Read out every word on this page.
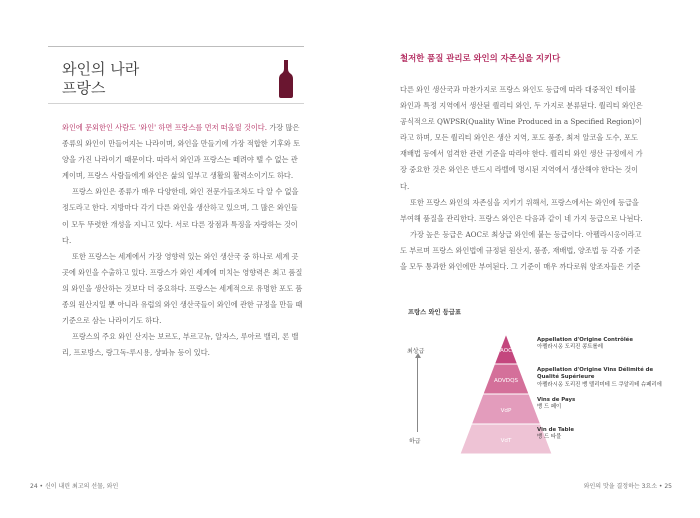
와인의 나라
프랑스

와인에 문외한인 사람도 '와인' 하면 프랑스를 먼저 떠올릴 것이다. 가장 많은 종류의 와인이 만들어지는 나라이며, 와인을 만들기에 가장 적합한 기후와 토양을 가진 나라이기 때문이다. 따라서 와인과 프랑스는 떼려야 뗄 수 없는 관계이며, 프랑스 사람들에게 와인은 삶의 일부고 생활의 활력소이기도 하다.

프랑스 와인은 종류가 매우 다양한데, 와인 전문가들조차도 다 알 수 없을 정도라고 한다. 지방마다 각기 다른 와인을 생산하고 있으며, 그 많은 와인들이 모두 뚜렷한 개성을 지니고 있다. 서로 다른 장점과 특징을 자랑하는 것이다.

또한 프랑스는 세계에서 가장 영향력 있는 와인 생산국 중 하나로 세계 곳곳에 와인을 수출하고 있다. 프랑스가 와인 세계에 미치는 영향력은 최고 품질의 와인을 생산하는 것보다 더 중요하다. 프랑스는 세계적으로 유명한 포도 품종의 원산지일 뿐 아니라 유럽의 와인 생산국들이 와인에 관한 규정을 만들 때 기준으로 삼는 나라이기도 하다.

프랑스의 주요 와인 산지는 보르도, 부르고뉴, 알자스, 루아르 밸리, 론 밸리, 프로방스, 랑그독-루시용, 샹파뉴 등이 있다.

24 • 신이 내린 최고의 선물, 와인
철저한 품질 관리로 와인의 자존심을 지키다

다른 와인 생산국과 마찬가지로 프랑스 와인도 등급에 따라 대중적인 테이블 와인과 특정 지역에서 생산된 퀄리티 와인, 두 가지로 분류된다. 퀄리티 와인은 공식적으로 QWPSR(Quality Wine Produced in a Specified Region)이라고 하며, 모든 퀄리티 와인은 생산 지역, 포도 품종, 최저 알코올 도수, 포도 재배법 등에서 엄격한 관련 기준을 따라야 한다. 퀄리티 와인 생산 규정에서 가장 중요한 것은 와인은 반드시 라벨에 명시된 지역에서 생산해야 한다는 것이다.

또한 프랑스 와인의 자존심을 지키기 위해서, 프랑스에서는 와인에 등급을 부여해 품질을 관리한다. 프랑스 와인은 다음과 같이 네 가지 등급으로 나뉜다.

가장 높은 등급은 AOC로 최상급 와인에 붙는 등급이다. 아펠라시옹이라고도 부르며 프랑스 와인법에 규정된 원산지, 품종, 재배법, 양조법 등 각종 기준을 모두 통과한 와인에만 부여된다. 그 기준이 매우 까다로워 양조자들은 기준

프랑스 와인 등급표
최상급
하급
AOC
AOVDQS
VdP
VdT
Appellation d'Origine Contrôlée
아펠라시옹 도리진 콩트롤레
Appellation d'Origine Vins Délimité de Qualité Supérieure
아펠라시옹 도리진 뱅 델리미테 드 쿠알리테 슈페리에
Vins de Pays
뱅 드 페이
Vin de Table
뱅 드 타블
와인의 맛을 결정하는 3요소 • 25
